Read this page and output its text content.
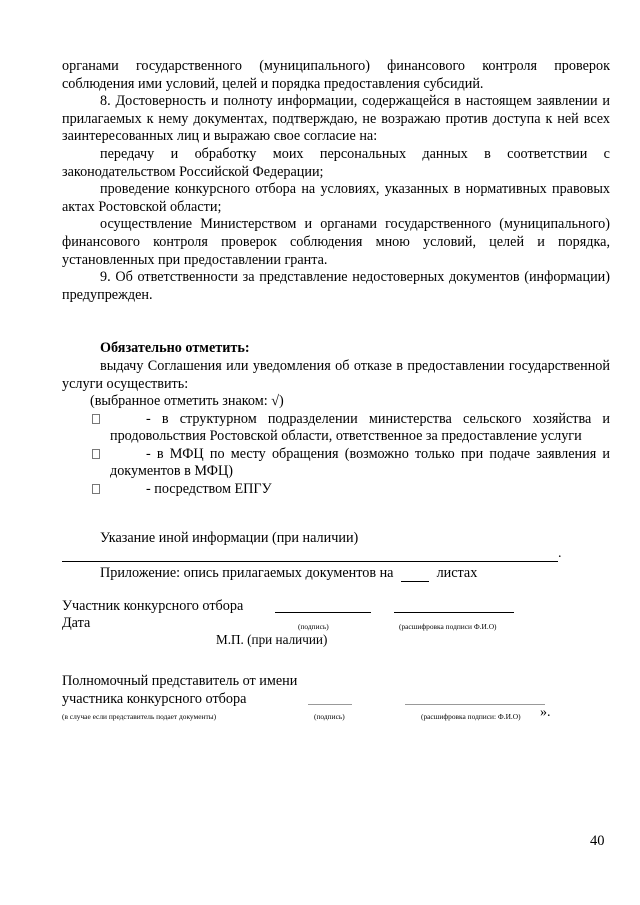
органами государственного (муниципального) финансового контроля проверок соблюдения ими условий, целей и порядка предоставления субсидий.

8. Достоверность и полноту информации, содержащейся в настоящем заявлении и прилагаемых к нему документах, подтверждаю, не возражаю против доступа к ней всех заинтересованных лиц и выражаю свое согласие на:

передачу и обработку моих персональных данных в соответствии с законодательством Российской Федерации;

проведение конкурсного отбора на условиях, указанных в нормативных правовых актах Ростовской области;

осуществление Министерством и органами государственного (муниципального) финансового контроля проверок соблюдения мною условий, целей и порядка, установленных при предоставлении гранта.

9. Об ответственности за представление недостоверных документов (информации) предупрежден.

Обязательно отметить:

выдачу Соглашения или уведомления об отказе в предоставлении государственной услуги осуществить:

(выбранное отметить знаком: √)

- в структурном подразделении министерства сельского хозяйства и продовольствия Ростовской области, ответственное за предоставление услуги
- в МФЦ по месту обращения (возможно только при подаче заявления и документов в МФЦ)
- посредством ЕПГУ
Указание иной информации (при наличии)
.
Приложение: опись прилагаемых документов на	листах
Участник конкурсного отбора
Дата	(подпись)	(расшифровка подписи Ф.И.О)
М.П. (при наличии)
Полномочный представитель от имени
участника конкурсного отбора
(в случае если представитель подает документы)	(подпись)	(расшифровка подписи: Ф.И.О) ».
40
